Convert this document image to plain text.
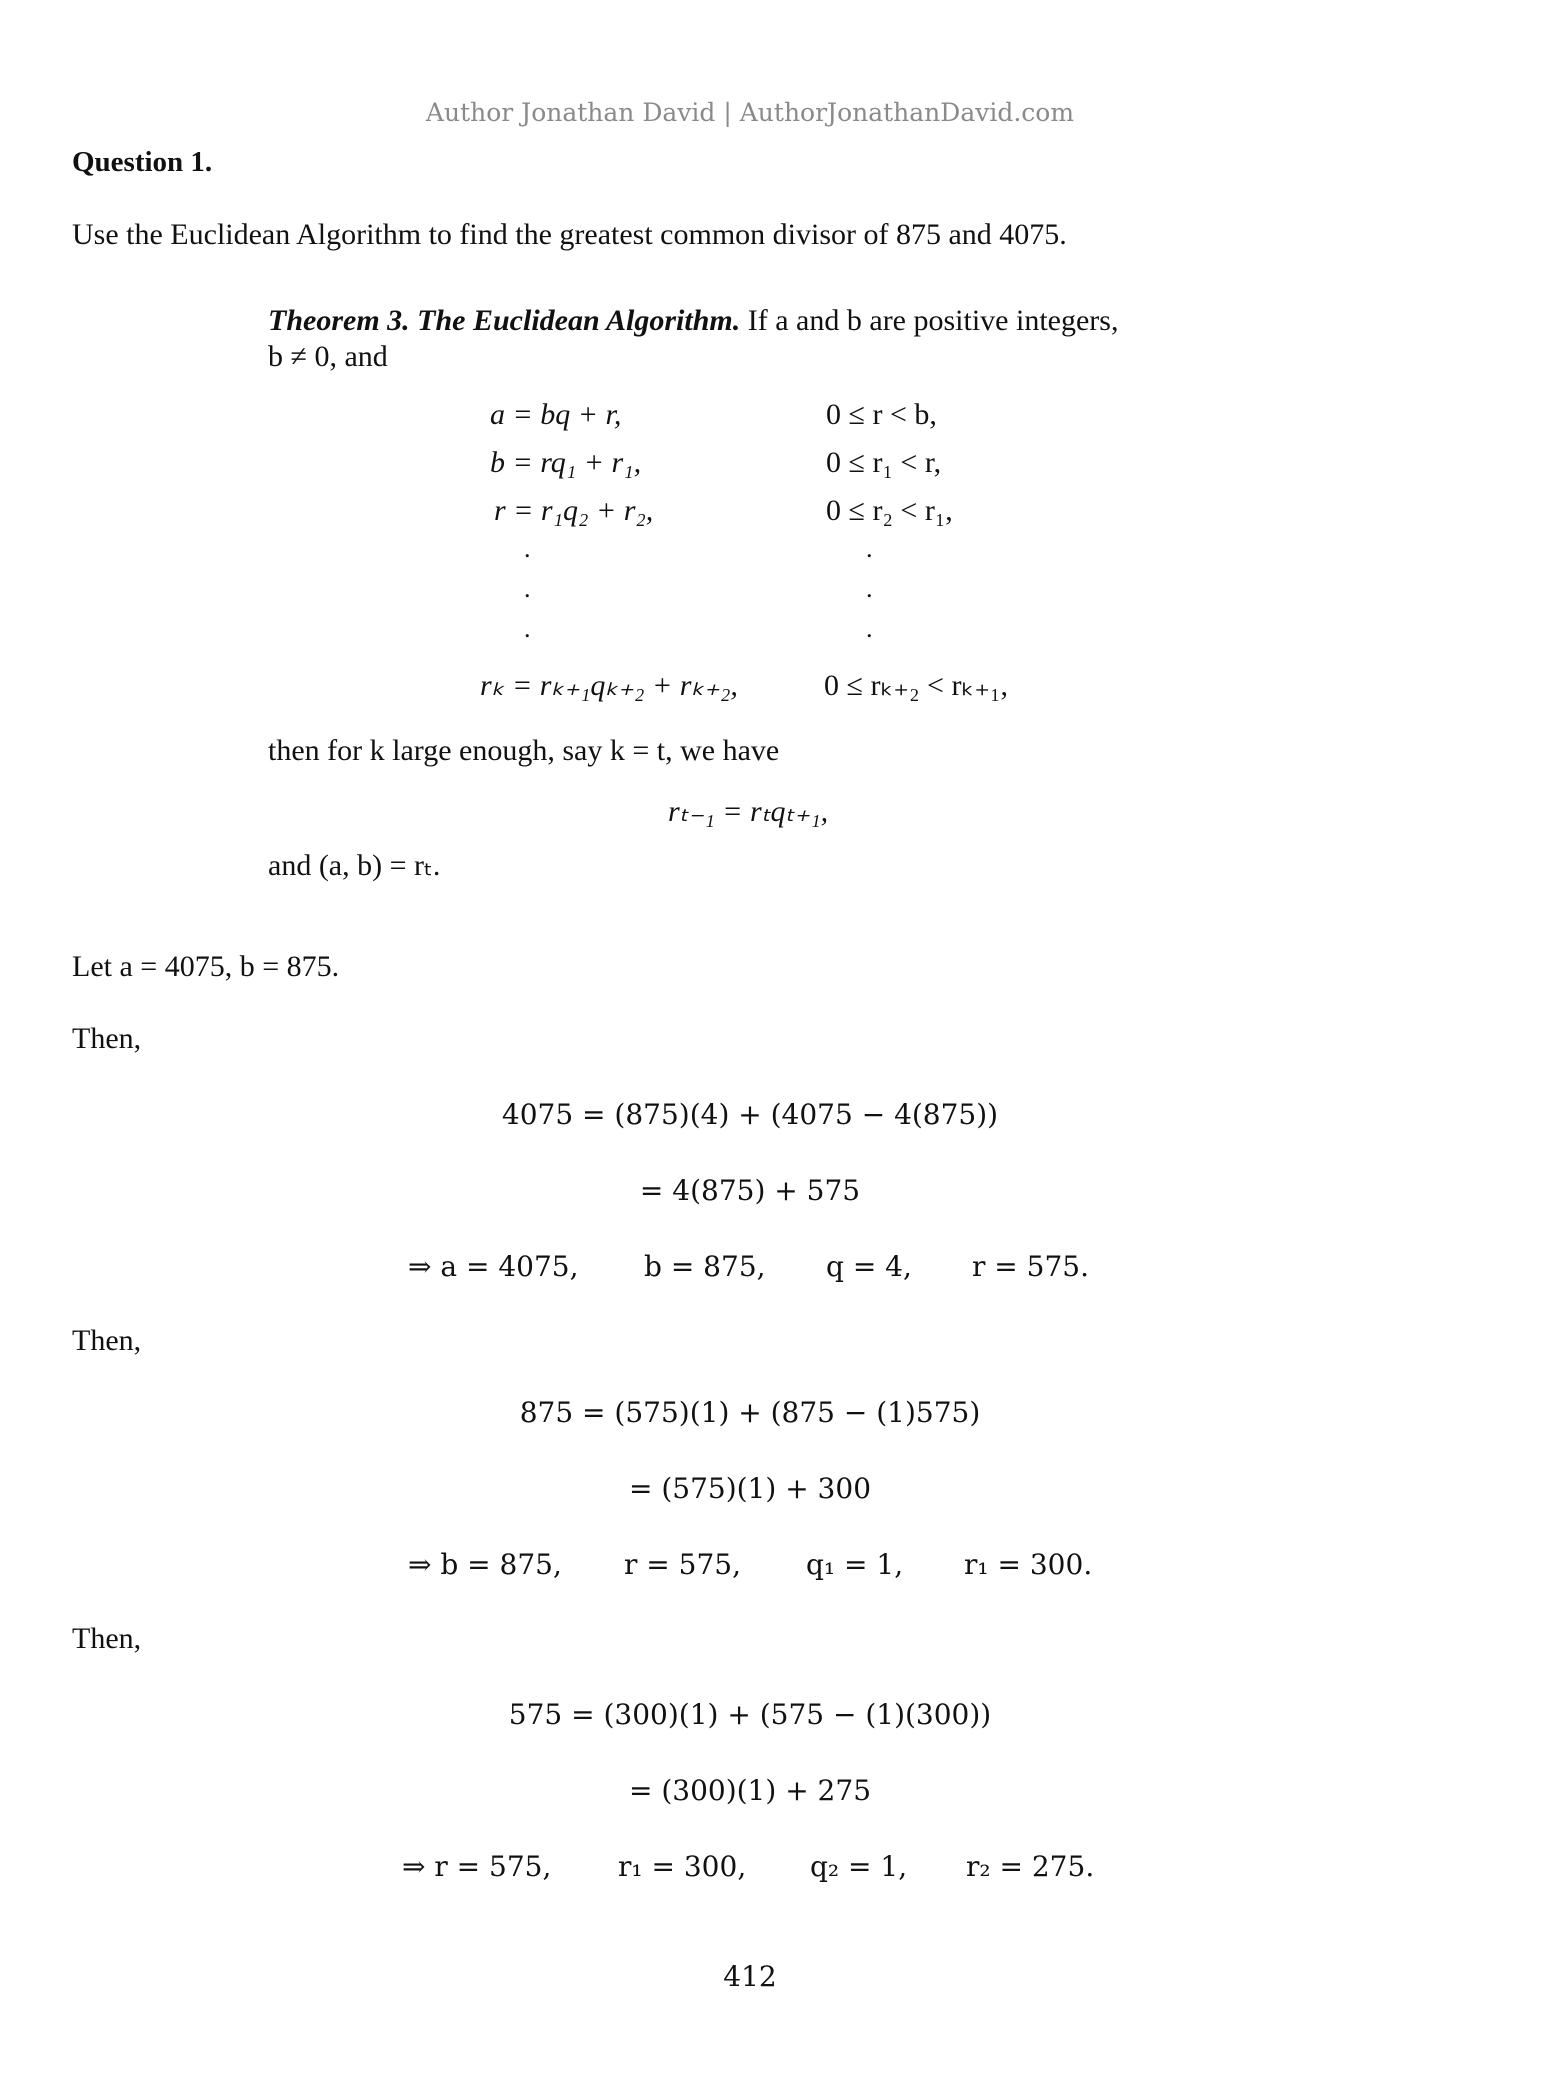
Author Jonathan David | AuthorJonathanDavid.com
Question 1.
Use the Euclidean Algorithm to find the greatest common divisor of 875 and 4075.
Theorem 3. The Euclidean Algorithm. If a and b are positive integers,
b ≠ 0, and
a = bq + r,	0 ≤ r < b,
b = rq₁ + r₁,	0 ≤ r₁ < r,
r = r₁q₂ + r₂,	0 ≤ r₂ < r₁,
.
.
.
.
.
.
rₖ = rₖ₊₁qₖ₊₂ + rₖ₊₂,	0 ≤ rₖ₊₂ < rₖ₊₁,
then for k large enough, say k = t, we have
rₜ₋₁ = rₜqₜ₊₁,
and (a, b) = rₜ.
Let a = 4075, b = 875.
Then,
4075 = (875)(4) + (4075 − 4(875))
= 4(875) + 575
⇒ a = 4075, b = 875, q = 4, r = 575.
Then,
875 = (575)(1) + (875 − (1)575)
= (575)(1) + 300
⇒ b = 875, r = 575, q₁ = 1, r₁ = 300.
Then,
575 = (300)(1) + (575 − (1)(300))
= (300)(1) + 275
⇒ r = 575, r₁ = 300, q₂ = 1, r₂ = 275.
412
